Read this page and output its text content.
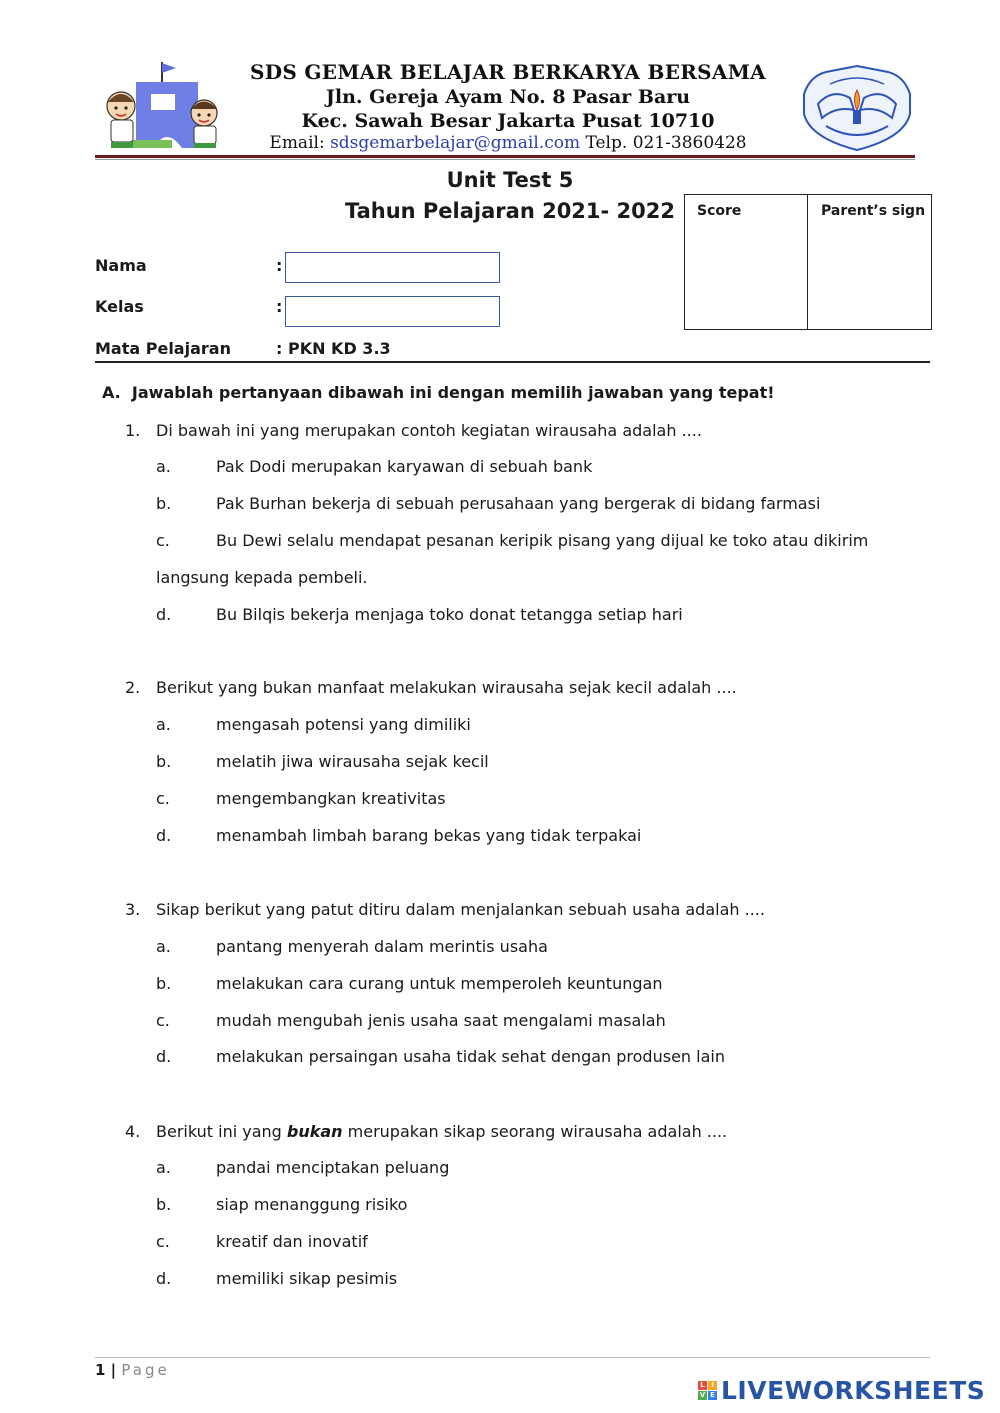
SDS GEMAR BELAJAR BERKARYA BERSAMA
Jln. Gereja Ayam No. 8 Pasar Baru
Kec. Sawah Besar Jakarta Pusat 10710
Email: sdsgemarbelajar@gmail.com Telp. 021-3860428
Unit Test 5
Tahun Pelajaran 2021- 2022	Score	Parent’s sign
Nama	:
Kelas	:
Mata Pelajaran	: PKN KD 3.3
A. Jawablah pertanyaan dibawah ini dengan memilih jawaban yang tepat!
1. Di bawah ini yang merupakan contoh kegiatan wirausaha adalah ....
a.	Pak Dodi merupakan karyawan di sebuah bank
b.	Pak Burhan bekerja di sebuah perusahaan yang bergerak di bidang farmasi
c.	Bu Dewi selalu mendapat pesanan keripik pisang yang dijual ke toko atau dikirim
langsung kepada pembeli.
d.	Bu Bilqis bekerja menjaga toko donat tetangga setiap hari
2. Berikut yang bukan manfaat melakukan wirausaha sejak kecil adalah ....
a.	mengasah potensi yang dimiliki
b.	melatih jiwa wirausaha sejak kecil
c.	mengembangkan kreativitas
d.	menambah limbah barang bekas yang tidak terpakai
3. Sikap berikut yang patut ditiru dalam menjalankan sebuah usaha adalah ....
a.	pantang menyerah dalam merintis usaha
b.	melakukan cara curang untuk memperoleh keuntungan
c.	mudah mengubah jenis usaha saat mengalami masalah
d.	melakukan persaingan usaha tidak sehat dengan produsen lain
4. Berikut ini yang bukan merupakan sikap seorang wirausaha adalah ....
a.	pandai menciptakan peluang
b.	siap menanggung risiko
c.	kreatif dan inovatif
d.	memiliki sikap pesimis
1 | Page
L I
V E LIVEWORKSHEETS
